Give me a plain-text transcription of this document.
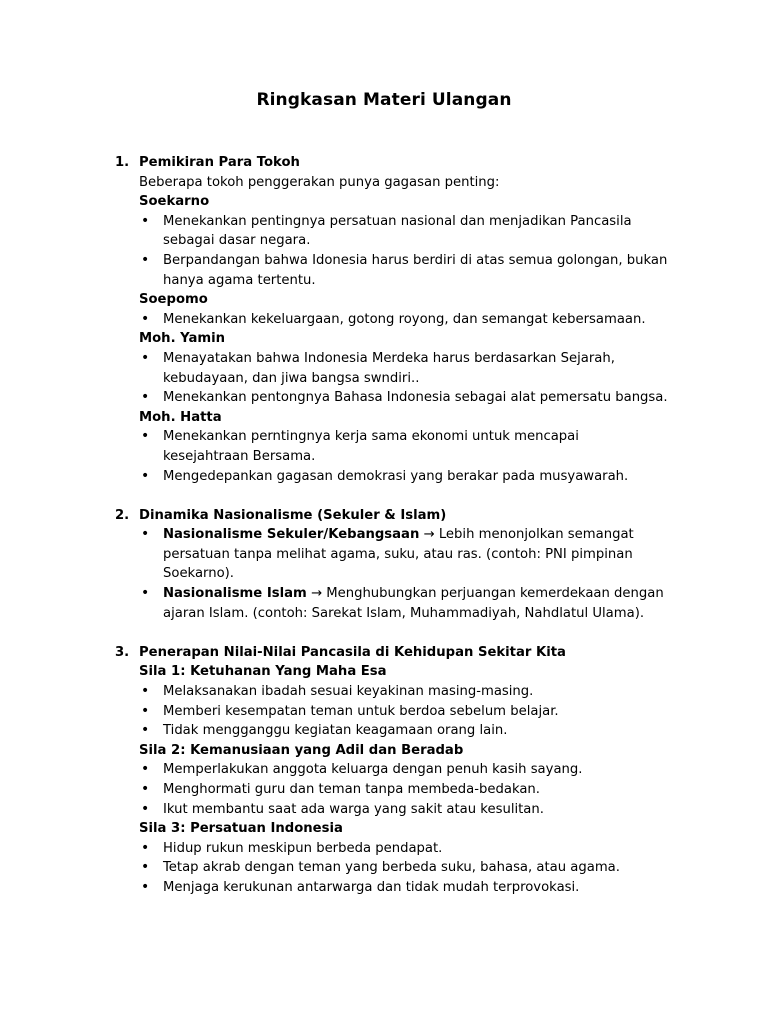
Ringkasan Materi Ulangan
1. Pemikiran Para Tokoh
Beberapa tokoh penggerakan punya gagasan penting:
Soekarno
• Menekankan pentingnya persatuan nasional dan menjadikan Pancasila sebagai dasar negara.
• Berpandangan bahwa Idonesia harus berdiri di atas semua golongan, bukan hanya agama tertentu.
Soepomo
• Menekankan kekeluargaan, gotong royong, dan semangat kebersamaan.
Moh. Yamin
• Menayatakan bahwa Indonesia Merdeka harus berdasarkan Sejarah, kebudayaan, dan jiwa bangsa swndiri..
• Menekankan pentongnya Bahasa Indonesia sebagai alat pemersatu bangsa.
Moh. Hatta
• Menekankan perntingnya kerja sama ekonomi untuk mencapai kesejahtraan Bersama.
• Mengedepankan gagasan demokrasi yang berakar pada musyawarah.
2. Dinamika Nasionalisme (Sekuler & Islam)
• Nasionalisme Sekuler/Kebangsaan → Lebih menonjolkan semangat persatuan tanpa melihat agama, suku, atau ras. (contoh: PNI pimpinan Soekarno).
• Nasionalisme Islam → Menghubungkan perjuangan kemerdekaan dengan ajaran Islam. (contoh: Sarekat Islam, Muhammadiyah, Nahdlatul Ulama).
3. Penerapan Nilai-Nilai Pancasila di Kehidupan Sekitar Kita
Sila 1: Ketuhanan Yang Maha Esa
• Melaksanakan ibadah sesuai keyakinan masing-masing.
• Memberi kesempatan teman untuk berdoa sebelum belajar.
• Tidak mengganggu kegiatan keagamaan orang lain.
Sila 2: Kemanusiaan yang Adil dan Beradab
• Memperlakukan anggota keluarga dengan penuh kasih sayang.
• Menghormati guru dan teman tanpa membeda-bedakan.
• Ikut membantu saat ada warga yang sakit atau kesulitan.
Sila 3: Persatuan Indonesia
• Hidup rukun meskipun berbeda pendapat.
• Tetap akrab dengan teman yang berbeda suku, bahasa, atau agama.
• Menjaga kerukunan antarwarga dan tidak mudah terprovokasi.
